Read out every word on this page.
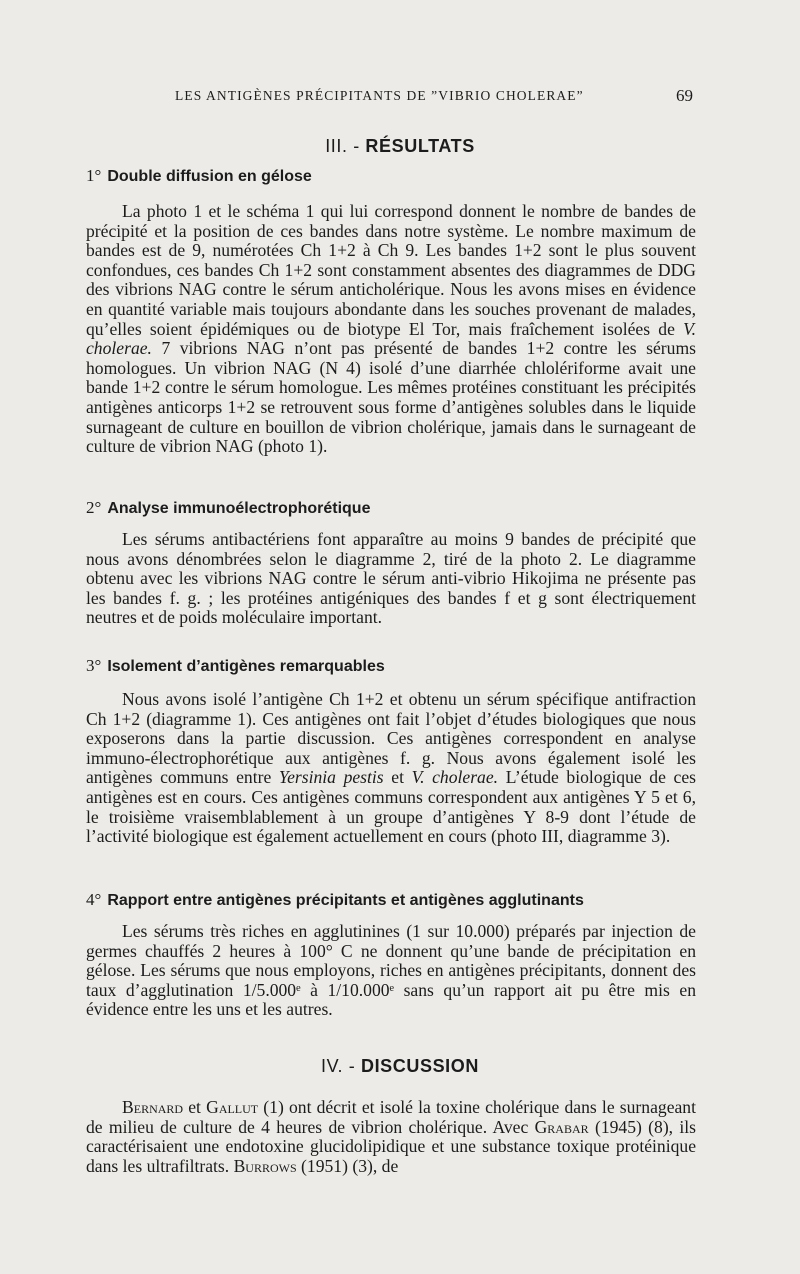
LES ANTIGÈNES PRÉCIPITANTS DE ”VIBRIO CHOLERAE”	69
III. - RÉSULTATS
1° Double diffusion en gélose

La photo 1 et le schéma 1 qui lui correspond donnent le nombre de bandes de précipité et la position de ces bandes dans notre système. Le nombre maximum de bandes est de 9, numérotées Ch 1+2 à Ch 9. Les bandes 1+2 sont le plus souvent confondues, ces bandes Ch 1+2 sont constamment absentes des diagrammes de DDG des vibrions NAG contre le sérum anticholérique. Nous les avons mises en évidence en quantité variable mais toujours abondante dans les souches provenant de malades, qu’elles soient épidémiques ou de biotype El Tor, mais fraîchement isolées de V. cholerae. 7 vibrions NAG n’ont pas présenté de bandes 1+2 contre les sérums homologues. Un vibrion NAG (N 4) isolé d’une diarrhée chlolériforme avait une bande 1+2 contre le sérum homologue. Les mêmes protéines constituant les précipités antigènes anticorps 1+2 se retrouvent sous forme d’antigènes solubles dans le liquide surnageant de culture en bouillon de vibrion cholérique, jamais dans le surnageant de culture de vibrion NAG (photo 1).

2° Analyse immunoélectrophorétique

Les sérums antibactériens font apparaître au moins 9 bandes de précipité que nous avons dénombrées selon le diagramme 2, tiré de la photo 2. Le diagramme obtenu avec les vibrions NAG contre le sérum anti-vibrio Hikojima ne présente pas les bandes f. g. ; les protéines antigéniques des bandes f et g sont électriquement neutres et de poids moléculaire important.

3° Isolement d’antigènes remarquables

Nous avons isolé l’antigène Ch 1+2 et obtenu un sérum spécifique antifraction Ch 1+2 (diagramme 1). Ces antigènes ont fait l’objet d’études biologiques que nous exposerons dans la partie discussion. Ces antigènes correspondent en analyse immuno-électrophorétique aux antigènes f. g. Nous avons également isolé les antigènes communs entre Yersinia pestis et V. cholerae. L’étude biologique de ces antigènes est en cours. Ces antigènes communs correspondent aux antigènes Y 5 et 6, le troisième vraisemblablement à un groupe d’antigènes Y 8-9 dont l’étude de l’activité biologique est également actuellement en cours (photo III, diagramme 3).

4° Rapport entre antigènes précipitants et antigènes agglutinants

Les sérums très riches en agglutinines (1 sur 10.000) préparés par injection de germes chauffés 2 heures à 100° C ne donnent qu’une bande de précipitation en gélose. Les sérums que nous employons, riches en antigènes précipitants, donnent des taux d’agglutination 1/5.000ᵉ à 1/10.000ᵉ sans qu’un rapport ait pu être mis en évidence entre les uns et les autres.

IV. - DISCUSSION

Bernard et Gallut (1) ont décrit et isolé la toxine cholérique dans le surnageant de milieu de culture de 4 heures de vibrion cholérique. Avec Grabar (1945) (8), ils caractérisaient une endotoxine glucidolipidique et une substance toxique protéinique dans les ultrafiltrats. Burrows (1951) (3), de
